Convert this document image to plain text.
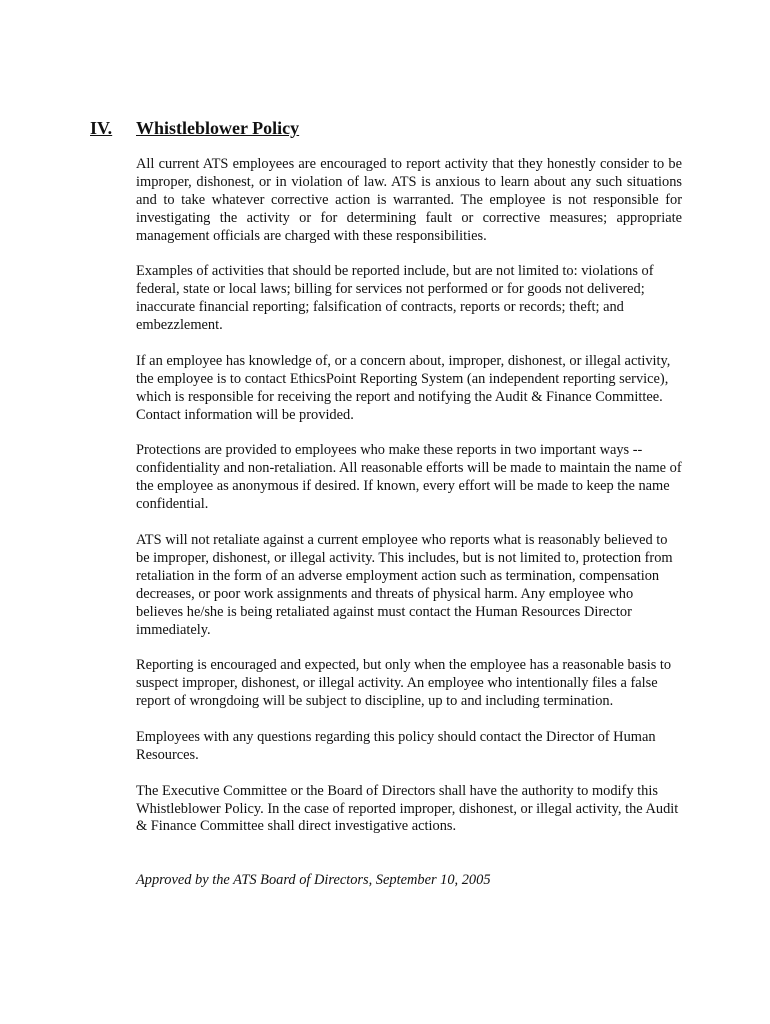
IV.	Whistleblower Policy

All current ATS employees are encouraged to report activity that they honestly consider to be improper, dishonest, or in violation of law. ATS is anxious to learn about any such situations and to take whatever corrective action is warranted. The employee is not responsible for investigating the activity or for determining fault or corrective measures; appropriate management officials are charged with these responsibilities.

Examples of activities that should be reported include, but are not limited to: violations of federal, state or local laws; billing for services not performed or for goods not delivered; inaccurate financial reporting; falsification of contracts, reports or records; theft; and embezzlement.

If an employee has knowledge of, or a concern about, improper, dishonest, or illegal activity, the employee is to contact EthicsPoint Reporting System (an independent reporting service), which is responsible for receiving the report and notifying the Audit & Finance Committee. Contact information will be provided.

Protections are provided to employees who make these reports in two important ways -- confidentiality and non-retaliation. All reasonable efforts will be made to maintain the name of the employee as anonymous if desired. If known, every effort will be made to keep the name confidential.

ATS will not retaliate against a current employee who reports what is reasonably believed to be improper, dishonest, or illegal activity. This includes, but is not limited to, protection from retaliation in the form of an adverse employment action such as termination, compensation decreases, or poor work assignments and threats of physical harm. Any employee who believes he/she is being retaliated against must contact the Human Resources Director immediately.

Reporting is encouraged and expected, but only when the employee has a reasonable basis to suspect improper, dishonest, or illegal activity. An employee who intentionally files a false report of wrongdoing will be subject to discipline, up to and including termination.

Employees with any questions regarding this policy should contact the Director of Human Resources.

The Executive Committee or the Board of Directors shall have the authority to modify this Whistleblower Policy. In the case of reported improper, dishonest, or illegal activity, the Audit & Finance Committee shall direct investigative actions.

Approved by the ATS Board of Directors, September 10, 2005
